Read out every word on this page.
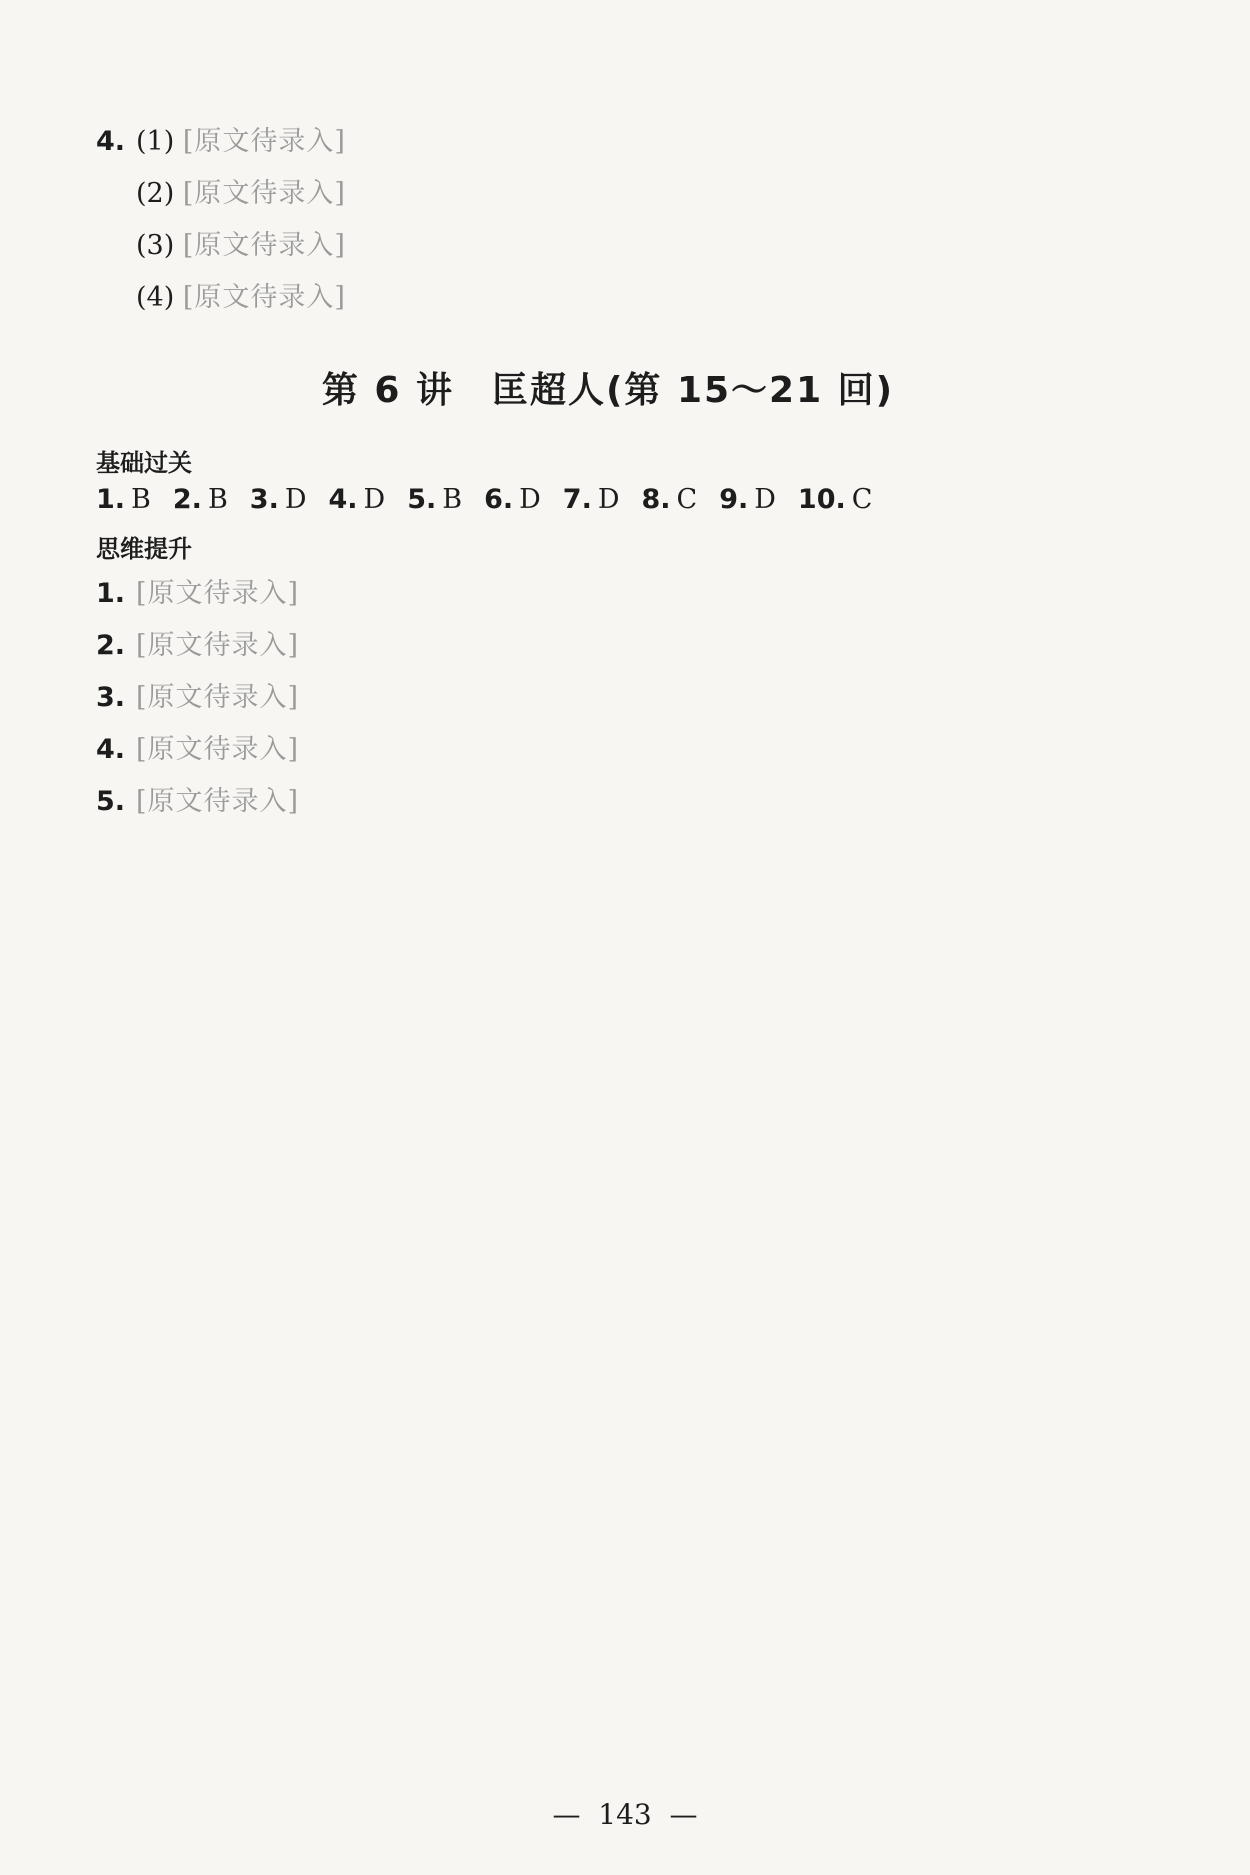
4. (1) [原文待录入]
(2) [原文待录入]
(3) [原文待录入]
(4) [原文待录入]
第 6 讲　匡超人(第 15～21 回)
基础过关
1. B 2. B 3. D 4. D 5. B 6. D 7. D 8. C 9. D 10. C
思维提升
1. [原文待录入]
2. [原文待录入]
3. [原文待录入]
4. [原文待录入]
5. [原文待录入]
—  143  —
